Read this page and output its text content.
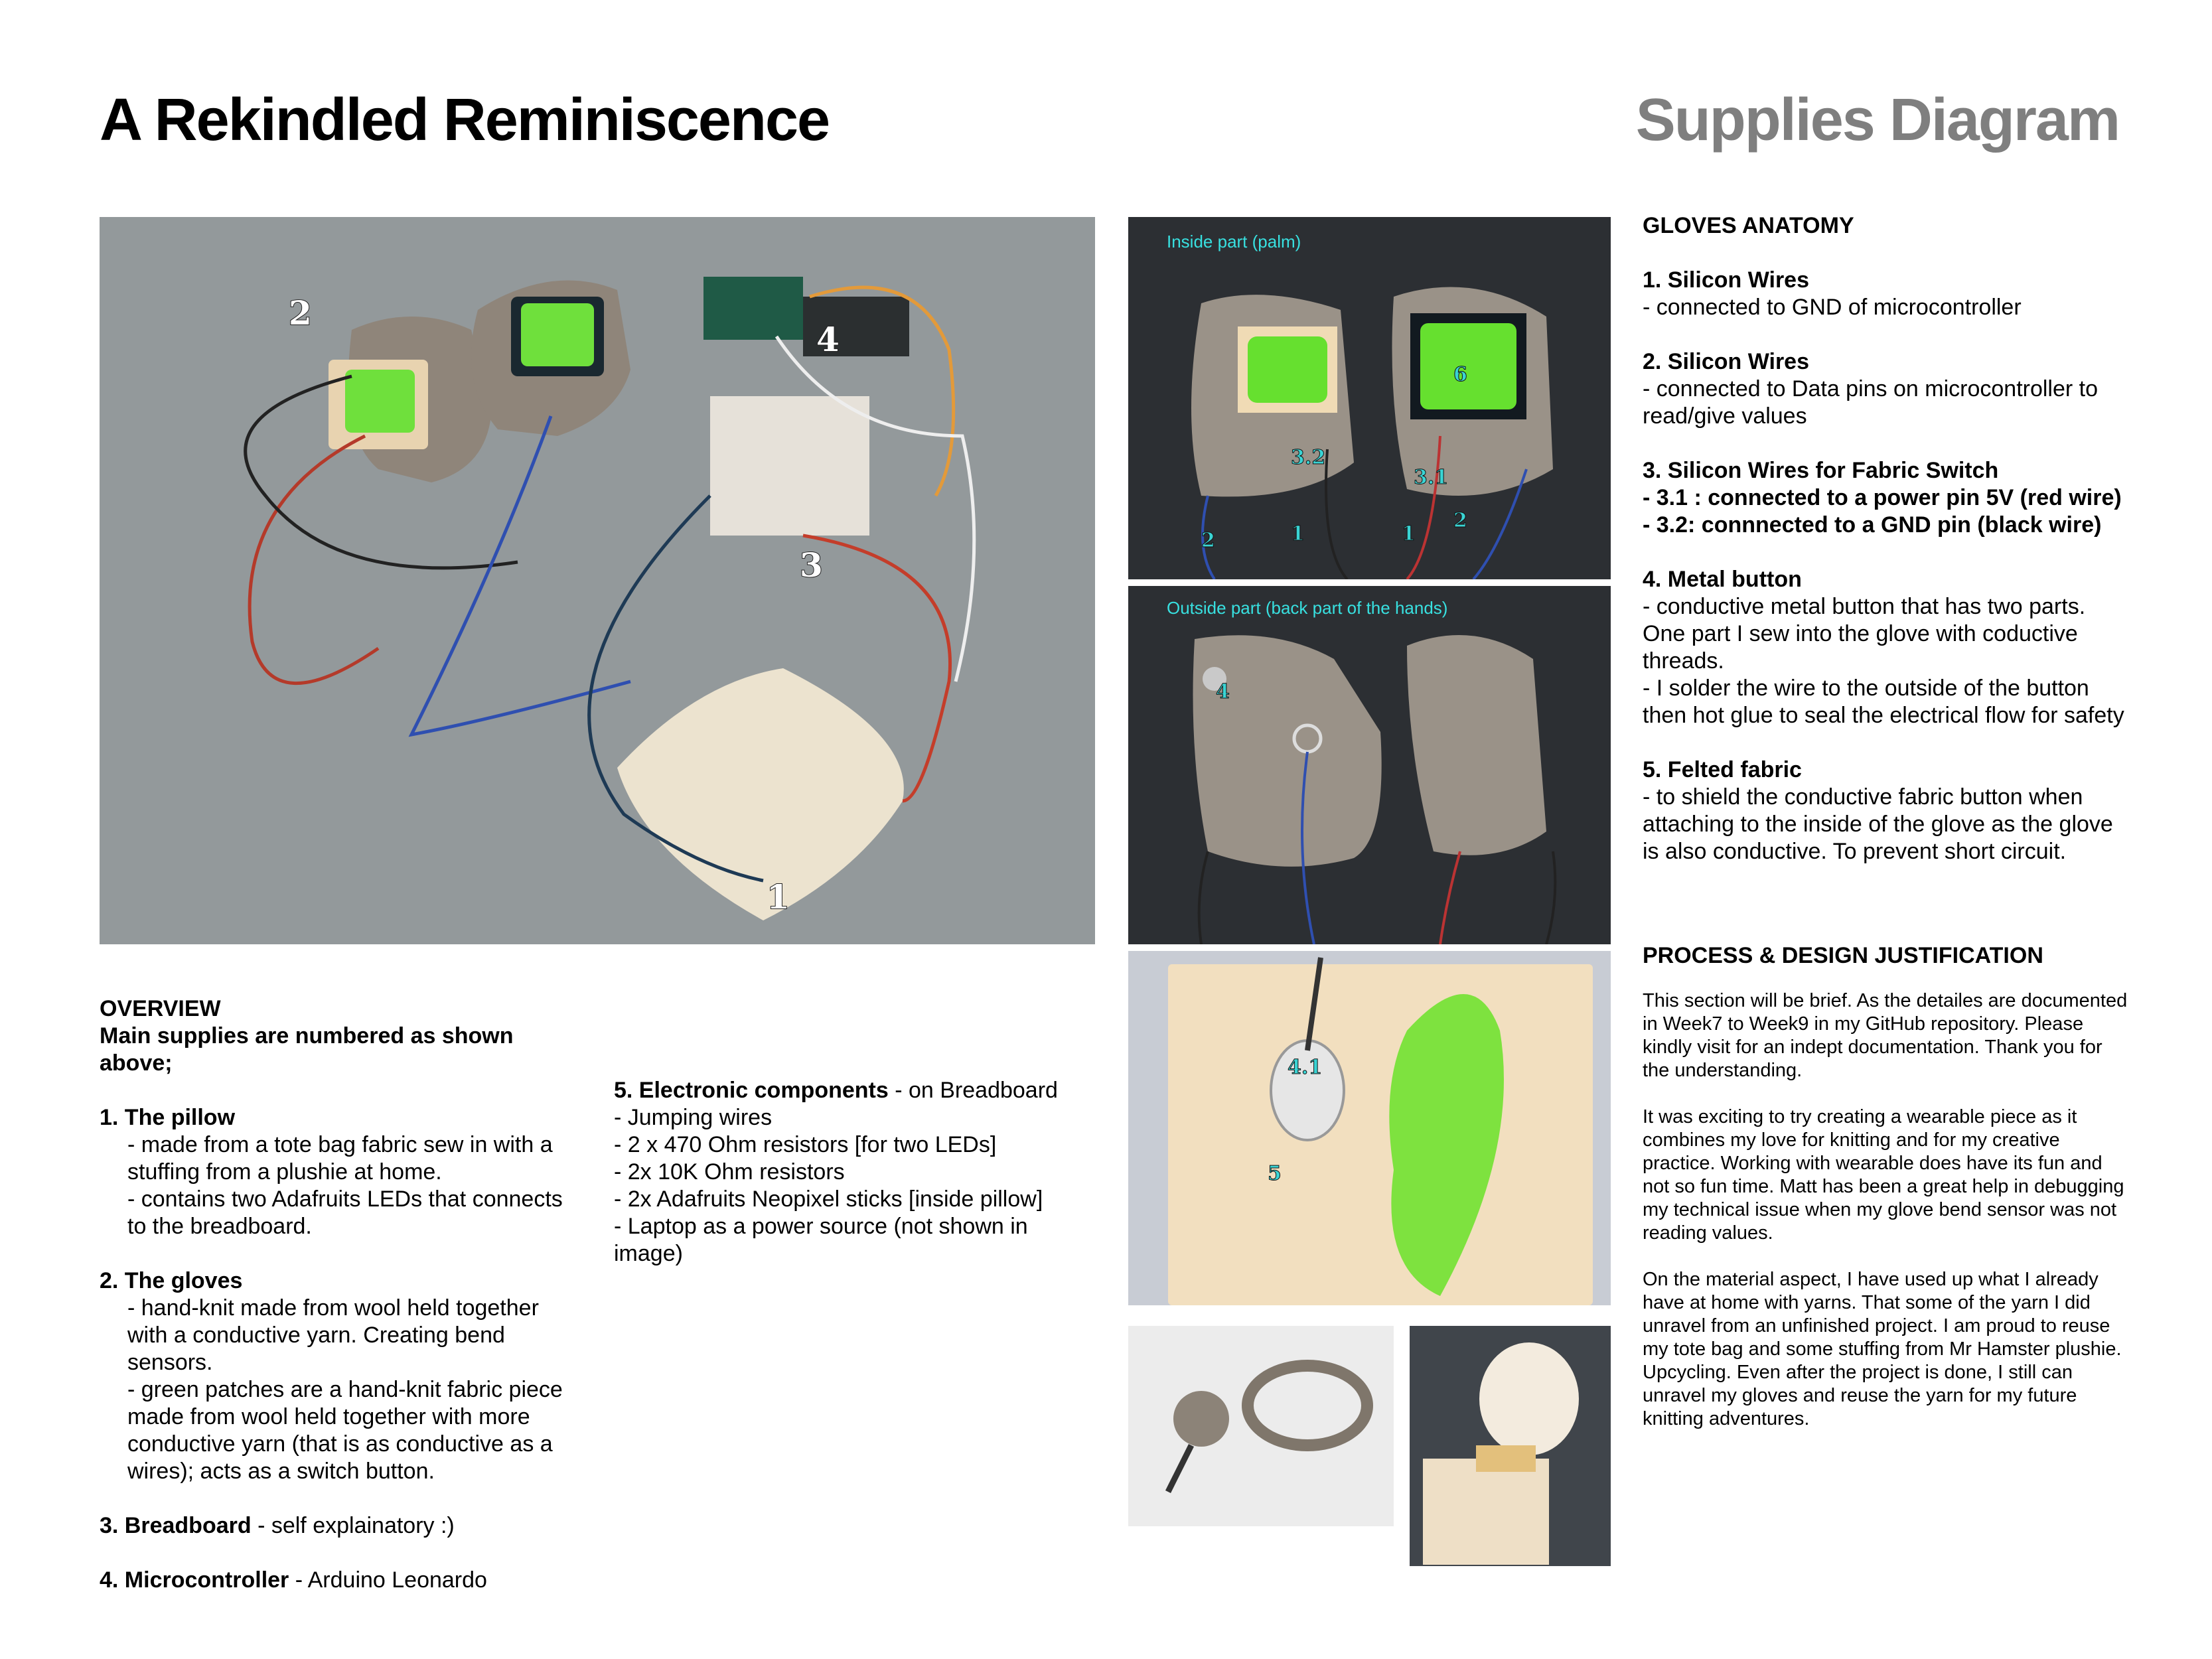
A Rekindled Reminiscence	Supplies Diagram
1
2
3
4
Inside part (palm)
6
3.2
3.1
2	1	1
2
Outside part (back part of the hands)
4
4.1
5

OVERVIEW

Main supplies are numbered as shown above;

1. The pillow

- made from a tote bag fabric sew in with a stuffing from a plushie at home.

- contains two Adafruits LEDs that connects to the breadboard.

2. The gloves

- hand-knit made from wool held together with a conductive yarn. Creating bend sensors.

- green patches are a hand-knit fabric piece made from wool held together with more conductive yarn (that is as conductive as a wires); acts as a switch button.

3. Breadboard - self explainatory :)

4. Microcontroller - Arduino Leonardo

5. Electronic components - on Breadboard

- Jumping wires

- 2 x 470 Ohm resistors [for two LEDs]

- 2x 10K Ohm resistors

- 2x Adafruits Neopixel sticks [inside pillow]

- Laptop as a power source (not shown in image)

GLOVES ANATOMY

1. Silicon Wires

- connected to GND of microcontroller

2. Silicon Wires

- connected to Data pins on microcontroller to read/give values

3. Silicon Wires for Fabric Switch

- 3.1 : connected to a power pin 5V (red wire)

- 3.2: connnected to a GND pin (black wire)

4. Metal button

- conductive metal button that has two parts. One part I sew into the glove with coductive threads.

- I solder the wire to the outside of the button then hot glue to seal the electrical flow for safety

5. Felted fabric

- to shield the conductive fabric button when attaching to the inside of the glove as the glove is also conductive. To prevent short circuit.

PROCESS & DESIGN JUSTIFICATION

This section will be brief. As the detailes are documented in Week7 to Week9 in my GitHub repository. Please kindly visit for an indept documentation. Thank you for the understanding.

It was exciting to try creating a wearable piece as it combines my love for knitting and for my creative practice. Working with wearable does have its fun and not so fun time. Matt has been a great help in debugging my technical issue when my glove bend sensor was not reading values.

On the material aspect, I have used up what I already have at home with yarns. That some of the yarn I did unravel from an unfinished project. I am proud to reuse my tote bag and some stuffing from Mr Hamster plushie. Upcycling. Even after the project is done, I still can unravel my gloves and reuse the yarn for my future knitting adventures.
